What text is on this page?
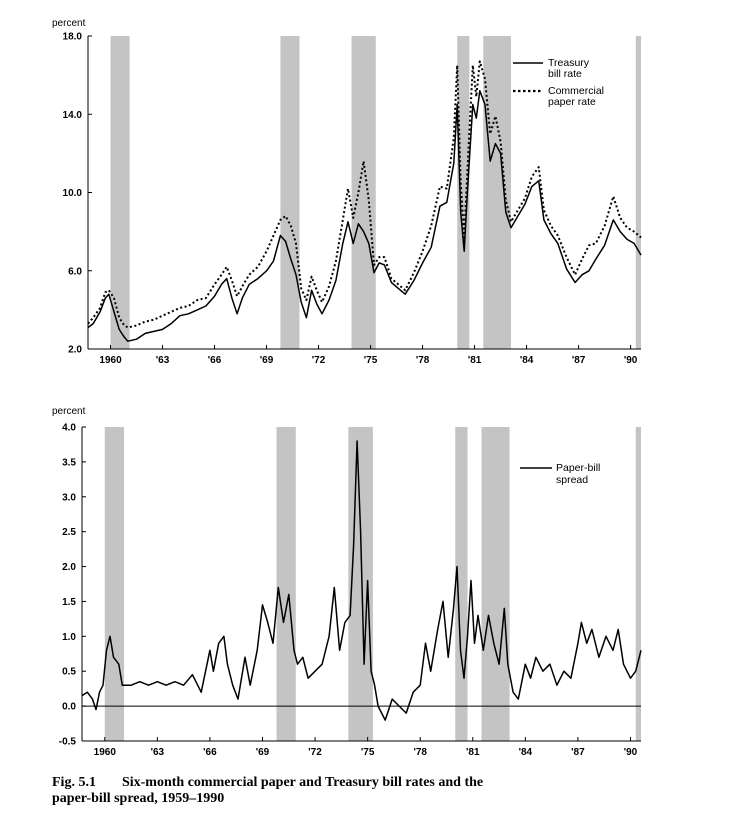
percent
2.0
6.0
10.0
14.0
18.0
1960	'63	'66	'69	'72	'75	'78	'81	'84	'87	'90
Treasury
bill rate
Commercial
paper rate
percent
-0.5
0.0
0.5
1.0
1.5
2.0
2.5
3.0
3.5
4.0
1960	'63	'66	'69	'72	'75	'78	'81	'84	'87	'90
Paper-bill
spread
Fig. 5.1 Six-month commercial paper and Treasury bill rates and the
paper-bill spread, 1959–1990
